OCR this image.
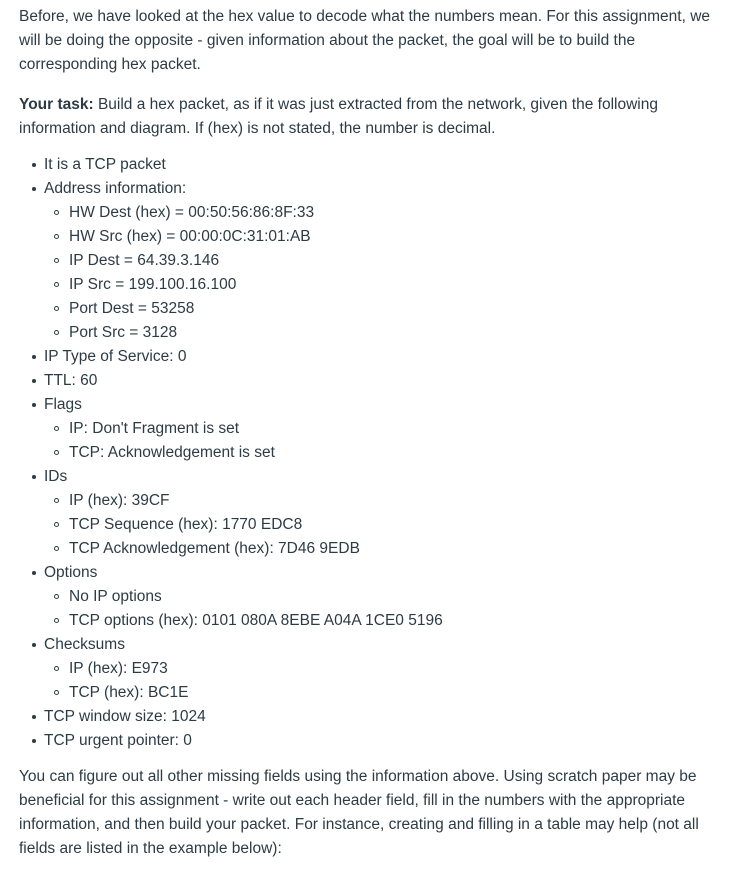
Before, we have looked at the hex value to decode what the numbers mean. For this assignment, we will be doing the opposite - given information about the packet, the goal will be to build the corresponding hex packet.

Your task: Build a hex packet, as if it was just extracted from the network, given the following information and diagram. If (hex) is not stated, the number is decimal.

It is a TCP packet
Address information:
HW Dest (hex) = 00:50:56:86:8F:33
HW Src (hex) = 00:00:0C:31:01:AB
IP Dest = 64.39.3.146
IP Src = 199.100.16.100
Port Dest = 53258
Port Src = 3128
IP Type of Service: 0
TTL: 60
Flags
IP: Don't Fragment is set
TCP: Acknowledgement is set
IDs
IP (hex): 39CF
TCP Sequence (hex): 1770 EDC8
TCP Acknowledgement (hex): 7D46 9EDB
Options
No IP options
TCP options (hex): 0101 080A 8EBE A04A 1CE0 5196
Checksums
IP (hex): E973
TCP (hex): BC1E
TCP window size: 1024
TCP urgent pointer: 0

You can figure out all other missing fields using the information above. Using scratch paper may be beneficial for this assignment - write out each header field, fill in the numbers with the appropriate information, and then build your packet. For instance, creating and filling in a table may help (not all fields are listed in the example below):
